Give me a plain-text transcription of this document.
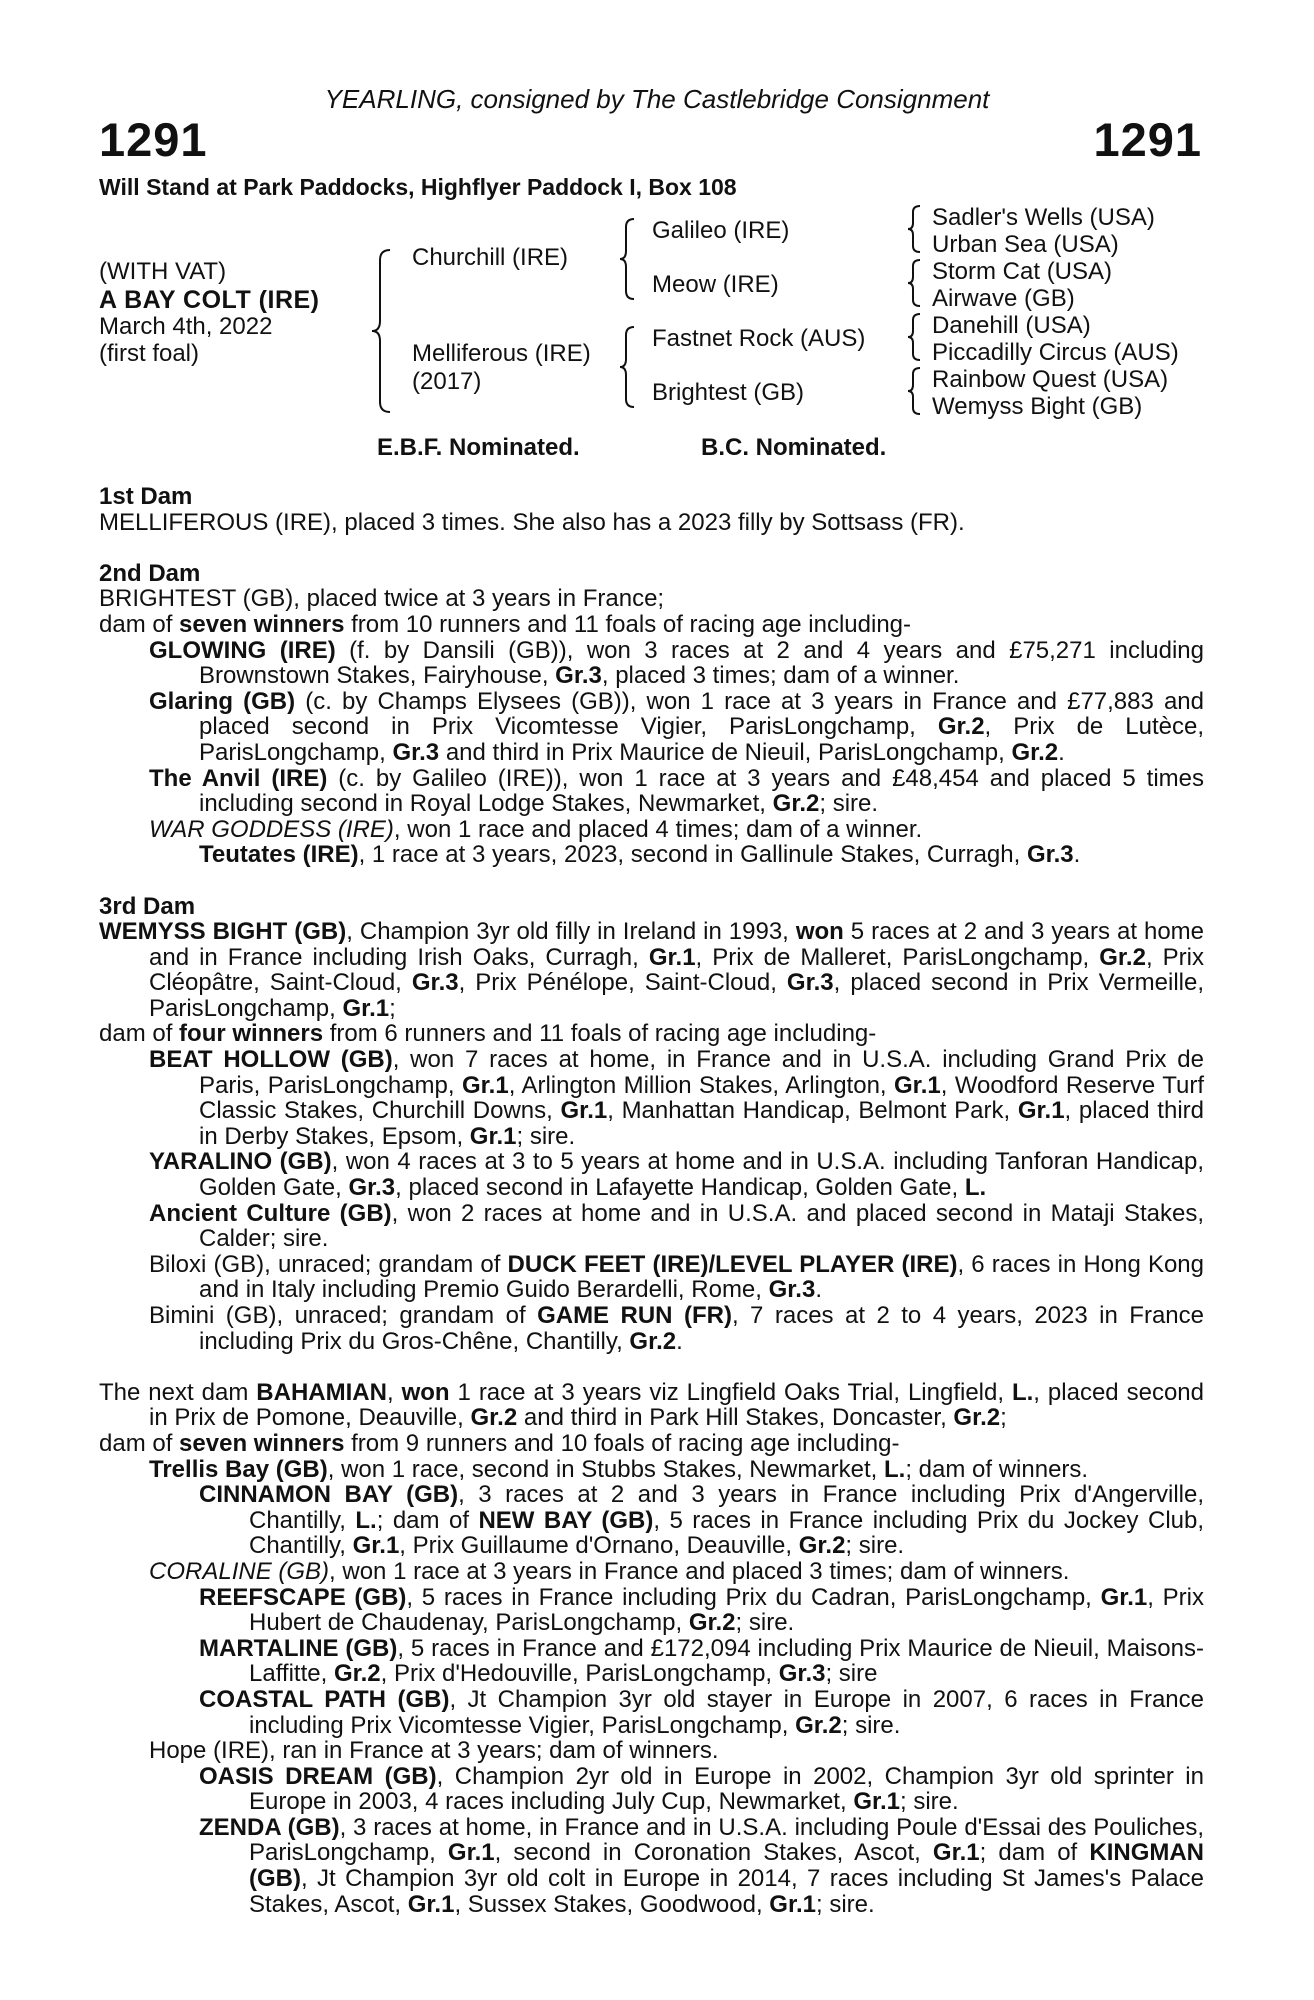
YEARLING, consigned by The Castlebridge Consignment
1291	1291
Will Stand at Park Paddocks, Highflyer Paddock I, Box 108
(WITH VAT)
A BAY COLT (IRE)
March 4th, 2022
(first foal)
Churchill (IRE)
Melliferous (IRE)
(2017)
Galileo (IRE)
Meow (IRE)
Fastnet Rock (AUS)
Brightest (GB)
Sadler's Wells (USA)
Urban Sea (USA)
Storm Cat (USA)
Airwave (GB)
Danehill (USA)
Piccadilly Circus (AUS)
Rainbow Quest (USA)
Wemyss Bight (GB)
E.B.F. Nominated.	B.C. Nominated.

1st Dam

MELLIFEROUS (IRE), placed 3 times. She also has a 2023 filly by Sottsass (FR).

2nd Dam

BRIGHTEST (GB), placed twice at 3 years in France;

dam of seven winners from 10 runners and 11 foals of racing age including-

GLOWING (IRE) (f. by Dansili (GB)), won 3 races at 2 and 4 years and £75,271 including Brownstown Stakes, Fairyhouse, Gr.3, placed 3 times; dam of a winner.

Glaring (GB) (c. by Champs Elysees (GB)), won 1 race at 3 years in France and £77,883 and placed second in Prix Vicomtesse Vigier, ParisLongchamp, Gr.2, Prix de Lutèce, ParisLongchamp, Gr.3 and third in Prix Maurice de Nieuil, ParisLongchamp, Gr.2.

The Anvil (IRE) (c. by Galileo (IRE)), won 1 race at 3 years and £48,454 and placed 5 times including second in Royal Lodge Stakes, Newmarket, Gr.2; sire.

WAR GODDESS (IRE), won 1 race and placed 4 times; dam of a winner.

Teutates (IRE), 1 race at 3 years, 2023, second in Gallinule Stakes, Curragh, Gr.3.

3rd Dam

WEMYSS BIGHT (GB), Champion 3yr old filly in Ireland in 1993, won 5 races at 2 and 3 years at home and in France including Irish Oaks, Curragh, Gr.1, Prix de Malleret, ParisLongchamp, Gr.2, Prix Cléopâtre, Saint-Cloud, Gr.3, Prix Pénélope, Saint-Cloud, Gr.3, placed second in Prix Vermeille, ParisLongchamp, Gr.1;

dam of four winners from 6 runners and 11 foals of racing age including-

BEAT HOLLOW (GB), won 7 races at home, in France and in U.S.A. including Grand Prix de Paris, ParisLongchamp, Gr.1, Arlington Million Stakes, Arlington, Gr.1, Woodford Reserve Turf Classic Stakes, Churchill Downs, Gr.1, Manhattan Handicap, Belmont Park, Gr.1, placed third in Derby Stakes, Epsom, Gr.1; sire.

YARALINO (GB), won 4 races at 3 to 5 years at home and in U.S.A. including Tanforan Handicap, Golden Gate, Gr.3, placed second in Lafayette Handicap, Golden Gate, L.

Ancient Culture (GB), won 2 races at home and in U.S.A. and placed second in Mataji Stakes, Calder; sire.

Biloxi (GB), unraced; grandam of DUCK FEET (IRE)/LEVEL PLAYER (IRE), 6 races in Hong Kong and in Italy including Premio Guido Berardelli, Rome, Gr.3.

Bimini (GB), unraced; grandam of GAME RUN (FR), 7 races at 2 to 4 years, 2023 in France including Prix du Gros-Chêne, Chantilly, Gr.2.

The next dam BAHAMIAN, won 1 race at 3 years viz Lingfield Oaks Trial, Lingfield, L., placed second in Prix de Pomone, Deauville, Gr.2 and third in Park Hill Stakes, Doncaster, Gr.2;

dam of seven winners from 9 runners and 10 foals of racing age including-

Trellis Bay (GB), won 1 race, second in Stubbs Stakes, Newmarket, L.; dam of winners.

CINNAMON BAY (GB), 3 races at 2 and 3 years in France including Prix d'Angerville, Chantilly, L.; dam of NEW BAY (GB), 5 races in France including Prix du Jockey Club, Chantilly, Gr.1, Prix Guillaume d'Ornano, Deauville, Gr.2; sire.

CORALINE (GB), won 1 race at 3 years in France and placed 3 times; dam of winners.

REEFSCAPE (GB), 5 races in France including Prix du Cadran, ParisLongchamp, Gr.1, Prix Hubert de Chaudenay, ParisLongchamp, Gr.2; sire.

MARTALINE (GB), 5 races in France and £172,094 including Prix Maurice de Nieuil, Maisons-Laffitte, Gr.2, Prix d'Hedouville, ParisLongchamp, Gr.3; sire

COASTAL PATH (GB), Jt Champion 3yr old stayer in Europe in 2007, 6 races in France including Prix Vicomtesse Vigier, ParisLongchamp, Gr.2; sire.

Hope (IRE), ran in France at 3 years; dam of winners.

OASIS DREAM (GB), Champion 2yr old in Europe in 2002, Champion 3yr old sprinter in Europe in 2003, 4 races including July Cup, Newmarket, Gr.1; sire.

ZENDA (GB), 3 races at home, in France and in U.S.A. including Poule d'Essai des Pouliches, ParisLongchamp, Gr.1, second in Coronation Stakes, Ascot, Gr.1; dam of KINGMAN (GB), Jt Champion 3yr old colt in Europe in 2014, 7 races including St James's Palace Stakes, Ascot, Gr.1, Sussex Stakes, Goodwood, Gr.1; sire.
